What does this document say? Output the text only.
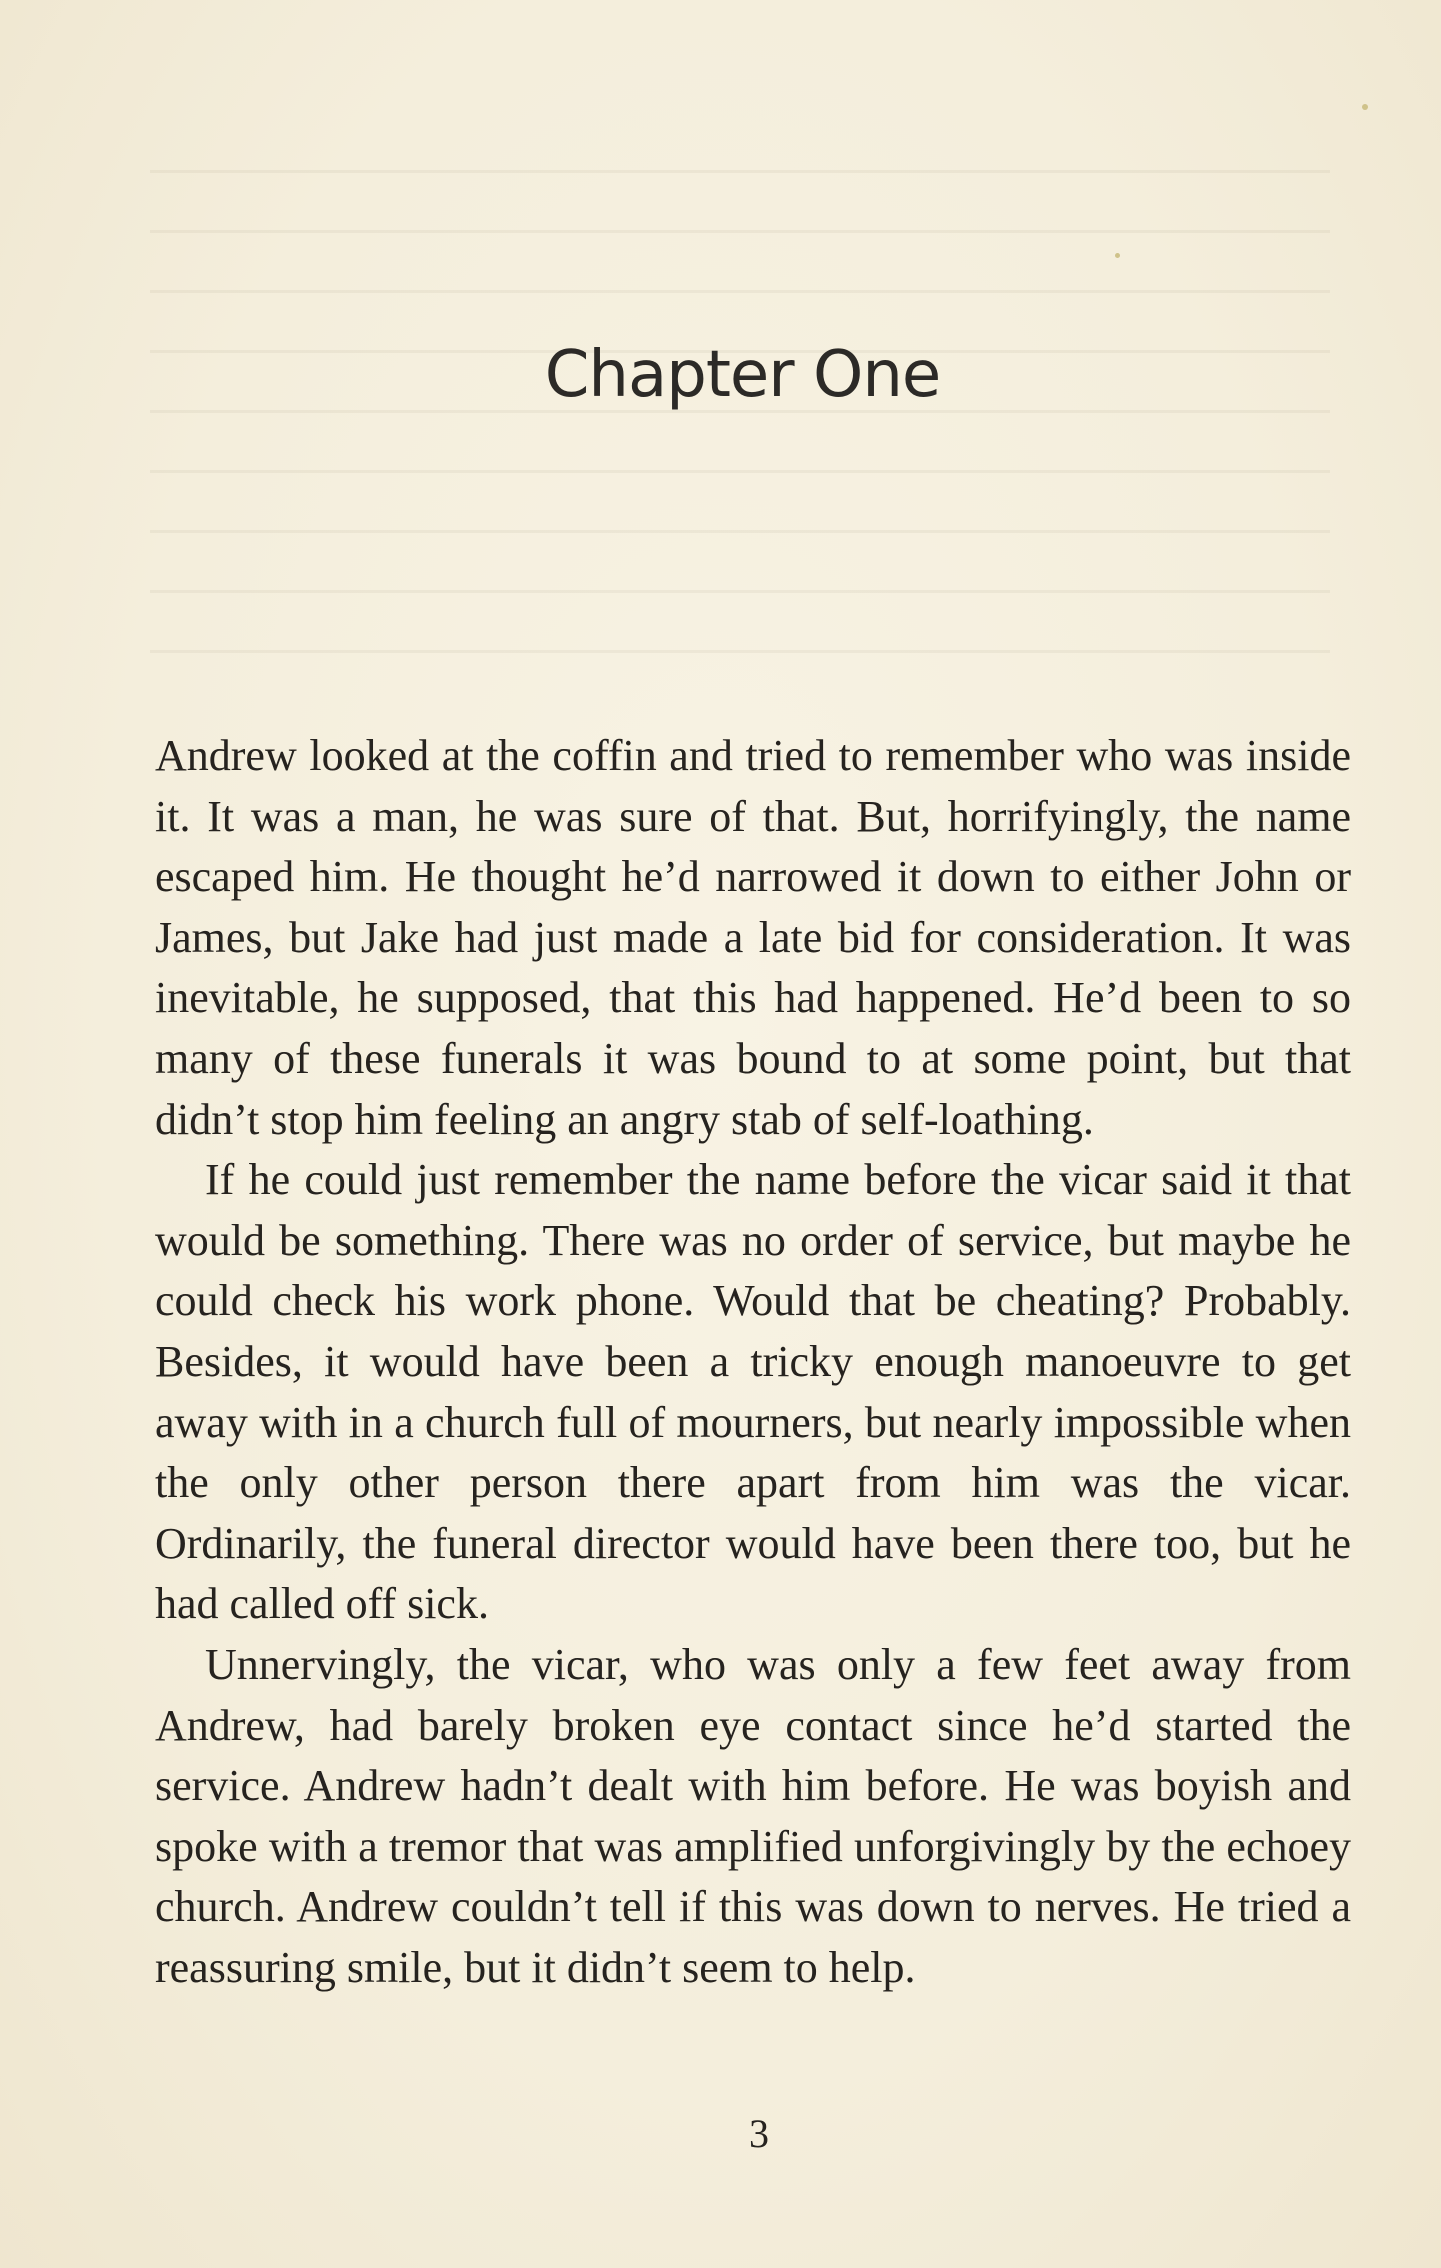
Chapter One

Andrew looked at the coffin and tried to remember who was inside it. It was a man, he was sure of that. But, horrifyingly, the name escaped him. He thought he’d narrowed it down to either John or James, but Jake had just made a late bid for consideration. It was inevitable, he supposed, that this had happened. He’d been to so many of these funerals it was bound to at some point, but that didn’t stop him feeling an angry stab of self-loathing.

If he could just remember the name before the vicar said it that would be something. There was no order of service, but maybe he could check his work phone. Would that be cheating? Probably. Besides, it would have been a tricky enough manoeuvre to get away with in a church full of mourners, but nearly impossible when the only other person there apart from him was the vicar. Ordinarily, the funeral director would have been there too, but he had called off sick.

Unnervingly, the vicar, who was only a few feet away from Andrew, had barely broken eye contact since he’d started the service. Andrew hadn’t dealt with him before. He was boyish and spoke with a tremor that was amplified unforgivingly by the echoey church. Andrew couldn’t tell if this was down to nerves. He tried a reassuring smile, but it didn’t seem to help.

3
